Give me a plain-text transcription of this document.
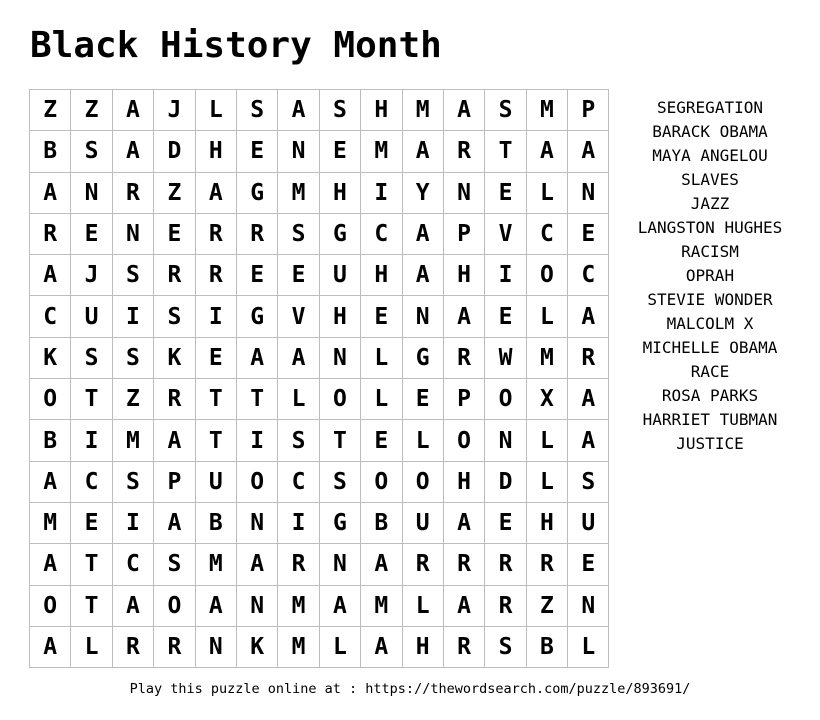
Black History Month
Z	Z	A	J	L	S	A	S	H	M	A	S	M	P
B	S	A	D	H	E	N	E	M	A	R	T	A	A
A	N	R	Z	A	G	M	H	I	Y	N	E	L	N
R	E	N	E	R	R	S	G	C	A	P	V	C	E
A	J	S	R	R	E	E	U	H	A	H	I	O	C
C	U	I	S	I	G	V	H	E	N	A	E	L	A
K	S	S	K	E	A	A	N	L	G	R	W	M	R
O	T	Z	R	T	T	L	O	L	E	P	O	X	A
B	I	M	A	T	I	S	T	E	L	O	N	L	A
A	C	S	P	U	O	C	S	O	O	H	D	L	S
M	E	I	A	B	N	I	G	B	U	A	E	H	U
A	T	C	S	M	A	R	N	A	R	R	R	R	E
O	T	A	O	A	N	M	A	M	L	A	R	Z	N
A	L	R	R	N	K	M	L	A	H	R	S	B	L
SEGREGATION
BARACK OBAMA
MAYA ANGELOU
SLAVES
JAZZ
LANGSTON HUGHES
RACISM
OPRAH
STEVIE WONDER
MALCOLM X
MICHELLE OBAMA
RACE
ROSA PARKS
HARRIET TUBMAN
JUSTICE
Play this puzzle online at : https://thewordsearch.com/puzzle/893691/
